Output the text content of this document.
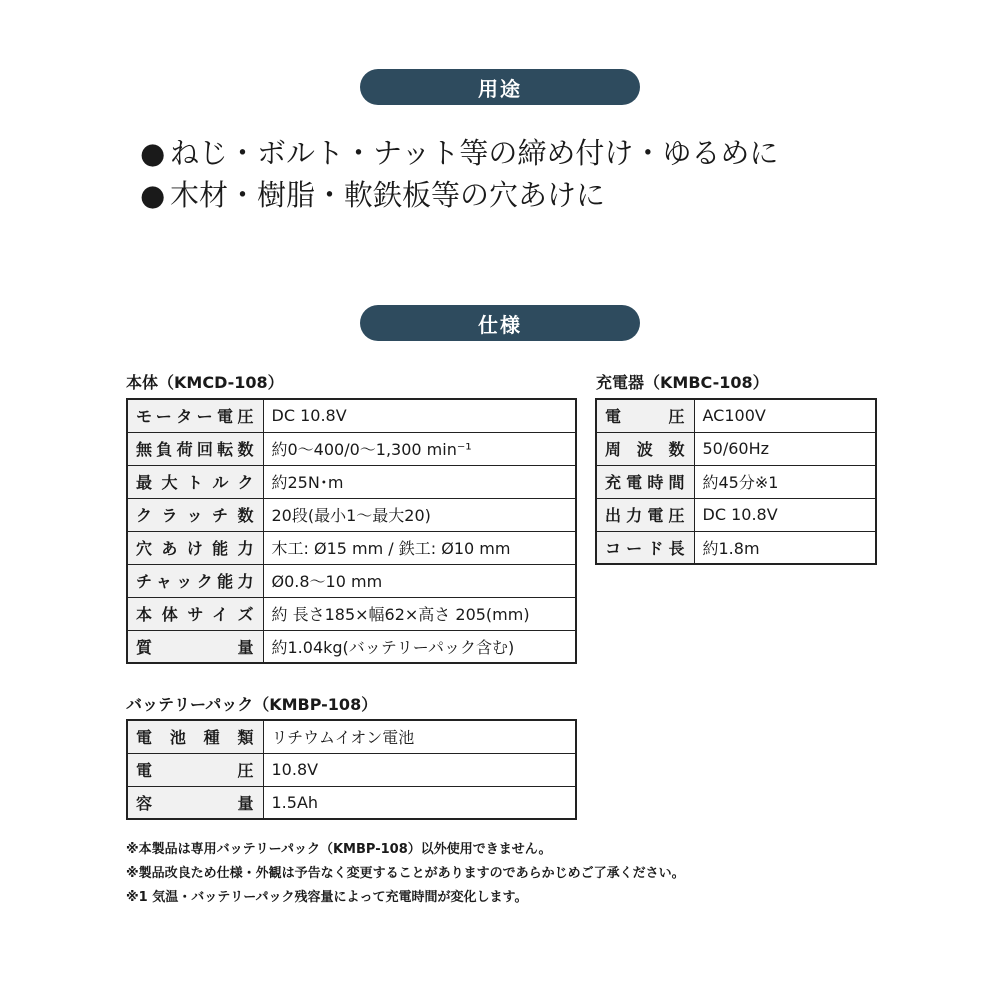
用途
● ねじ・ボルト・ナット等の締め付け・ゆるめに
● 木材・樹脂・軟鉄板等の穴あけに
仕様
本体（KMCD-108）
モーター電圧	DC 10.8V
無負荷回転数	約0〜400/0〜1,300 min⁻¹
最大トルク	約25N･m
クラッチ数	20段(最小1〜最大20)
穴あけ能力	木工: Ø15 mm / 鉄工: Ø10 mm
チャック能力	Ø0.8〜10 mm
本体サイズ	約 長さ185×幅62×高さ 205(mm)
質量	約1.04kg(バッテリーパック含む)
充電器（KMBC-108）
電圧	AC100V
周波数	50/60Hz
充電時間	約45分※1
出力電圧	DC 10.8V
コード長	約1.8m
バッテリーパック（KMBP-108）
電池種類	リチウムイオン電池
電圧	10.8V
容量	1.5Ah
※本製品は専用バッテリーパック（KMBP-108）以外使用できません。
※製品改良ため仕様・外観は予告なく変更することがありますのであらかじめご了承ください。
※1 気温・バッテリーパック残容量によって充電時間が変化します。
